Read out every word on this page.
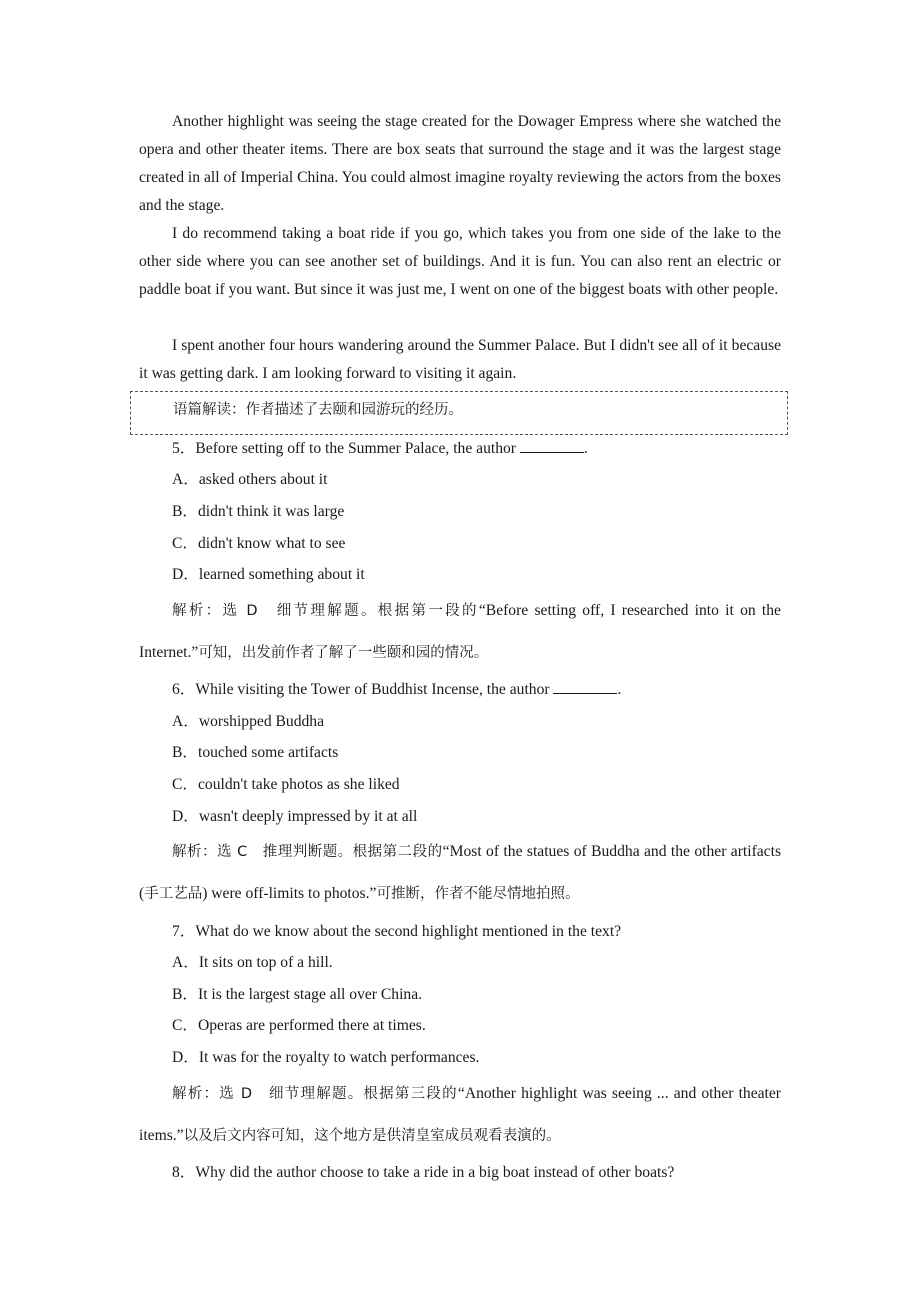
Another highlight was seeing the stage created for the Dowager Empress where she watched the opera and other theater items. There are box seats that surround the stage and it was the largest stage created in all of Imperial China. You could almost imagine royalty reviewing the actors from the boxes and the stage.

I do recommend taking a boat ride if you go, which takes you from one side of the lake to the other side where you can see another set of buildings. And it is fun. You can also rent an electric or paddle boat if you want. But since it was just me, I went on one of the biggest boats with other people.

I spent another four hours wandering around the Summer Palace. But I didn't see all of it because it was getting dark. I am looking forward to visiting it again.

语篇解读：作者描述了去颐和园游玩的经历。
5．Before setting off to the Summer Palace, the author	.
A．asked others about it
B．didn't think it was large
C．didn't know what to see
D．learned something about it

解析：选 D　细节理解题。根据第一段的“Before setting off, I researched into it on the Internet.”可知，出发前作者了解了一些颐和园的情况。

6．While visiting the Tower of Buddhist Incense, the author	.
A．worshipped Buddha
B．touched some artifacts
C．couldn't take photos as she liked
D．wasn't deeply impressed by it at all

解析：选 C　推理判断题。根据第二段的“Most of the statues of Buddha and the other artifacts (手工艺品) were off-limits to photos.”可推断，作者不能尽情地拍照。

7．What do we know about the second highlight mentioned in the text?
A．It sits on top of a hill.
B．It is the largest stage all over China.
C．Operas are performed there at times.
D．It was for the royalty to watch performances.

解析：选 D　细节理解题。根据第三段的“Another highlight was seeing ... and other theater items.”以及后文内容可知，这个地方是供清皇室成员观看表演的。

8．Why did the author choose to take a ride in a big boat instead of other boats?
